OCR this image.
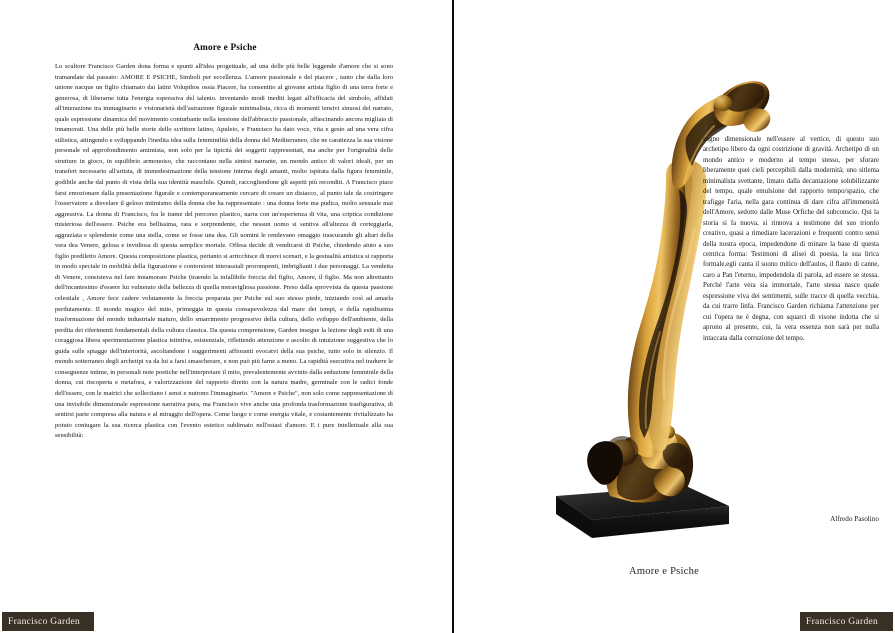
Amore e Psiche

Lo scultore Francisco Garden dona forma e spunti all'idea progettuale, ad una delle più belle leggende d'amore che si sono tramandate dal passato: AMORE E PSICHE, Simboli per eccellenza. L'amore passionale e del piacere , tanto che dalla loro unione nacque un figlio chiamato dai latini Volupthos ossia Piacere, ha consentito al giovane artista figlio di una terra forte e generosa, di liberarne tutta l'energia espressiva del talento. inventando modi inediti legati all'efficacia del simbolo, affidati all'interazione tra immaginario e visionarietà dell'astrazione figurale minimalista, ricca di momenti tensivi sinuosi del narrato, quale espressione dinamica del movimento conturbante nella tensione dell'abbraccio passionale, affascinando ancora migliaia di innamorati. Una delle più belle storie dello scrittore latino, Apuleio, e Francisco ha dato voce, vita e gesto ad una vera cifra stilistica, attingendo e sviluppando l'inedita idea sulla femminilità della donna del Mediterraneo, che ne carattezza la sua visione personale ed approfondimento amimista, non solo per la tipicità dei soggetti rappresentati, ma anche per l'originalità delle strutture in gioco, in equilibrio armonoiso, che raccontano nella sintesi narrante, un mondo antico di valori ideali, per un transfert necessario all'artista, di immedesimazione della tensione interna degli amanti, molto ispirata dalla figura femminile, godibile anche dal punto di vista della sua identità maschile. Quindi, raccogliendone gli aspetti più reconditi. A Francisco piace farsi emozionare dalla presentazione figurale e contemporaneamente cercare di creare un distacco, al punto tale da costringere l'osservatore a disvelare il geloso intimismo della donna che ha rappresentato : una donna forte ma pudica, molto sensuale mai aggressiva. La donna di Francisco, fra le trame del percorso plastico, narra con un'esperienza di vita, una criptica condizione misteriosa dell'essere. Psiche era bellissima, rara e sorprendente, che nessun uomo si sentiva all'altezza di corteggiarla, aggraziata e splendente come una stella, come se fosse una dea. Gli uomini le rendevano omaggio trascurando gli altari della vera dea Venere, gelosa e invidiosa di questa semplice mortale. Offesa decide di vendicarsi di Psiche, chiedendo aiuto a suo figlio prediletto Amore. Questa composizione plastica, pertanto si arricchisce di nuovi scenari, e la gestualità artistica si rapporta in modo speciale in mobilità della figurazione e contorsioni interassiali prorompenti, imbriglianti i due personaggi. La vendetta di Venere, consisteva nel fare innamorare Psiche (traendo la infallibile freccia del figlio, Amore, il figlio. Ma non altrettanto dell'incantesimo d'essere lui vulnerato della bellezza di quella meravigliosa passione. Preso dalla sprovvista da questa passione celestiale , Amore fece cadere volutamente la freccia preparata per Psiche sul suo stesso piede, iniziando così ad amarla perdutamente. Il mondo magico del mito, primeggia in questa consapevolezza dal mare dei tempi, e della rapidissima trasformazione del mondo industriale maturo, dello smarrimento progressivo della cultura, dello sviluppo dell'ambiente, della perdita dei riferimenti fondamentali della cultura classica. Da questa comprensione, Garden insegue la lezione degli esiti di una coraggiosa libera sperimentazione plastica istintiva, esistenziale, riflettendo attenzione e ascolto di intuizione suggestiva che lo guida sulle spiagge dell'interiorità, ascoltandone i suggerimenti affioranti evocatvi della sua psiche, tutto solo in silenzio. Il mondo sotterraneo degli archetipi va da lui a farsi smascherare, e non può più farne a meno. La rapidità esecutiva nel tradurre le conseguenze intime, in personali note poetiche nell'interpretare il mito, prevalentemente avvinto dalla seduzione femminile della donna, cui riscoperta e metafora, e valorizzazione del rapporto diretto con la natura madre, germinale con le radici fonde dell'essere, con le matrici che sollecitano i sensi e nutrono l'immaginario. "Amore e Psiche", non solo come rappresentazione di una invisibile dimensionale espressione narrativa pura, ma Francisco vive anche una profonda trasformazione trasfigurativa, di sentirsi parte compresa alla natura e al miraggio dell'opera. Come luogo e come energia vitale, e costantemente rivitalizzato ha potuto coniugare la sua ricerca plastica con l'evento estetico sublimato nell'estasi d'amore. E i pure intellettuale alla sua sensibilità:

Amore e Psiche

sogno dimensionale nell'essere al vertice, di questo suo archetipo libero da ogni costrizione di gravità. Archetipo di un mondo antico e moderno al tempo stesso, per sforare liberamente quei cieli percepibili dalla modernità; uno sitlema minimalista svettante, limato dalla decantazione solubilizzante del tempo, quale emulsione del rapporto tempo/spazio, che trafigge l'aria, nella gara continua di dare cifra all'immensità dell'Amore, sedotto dalle Muse Orfiche del subconscio. Qui la storia si fa nuova, si rinnova a testimone del suo trionfo creativo, quasi a rimediare lacerazioni e frequenti contro sensi della nostra epoca, impedendone di minare la base di questa centrica forma: Testimoni di alisei di poesia, la sua lirica formale,egli canta il suono mitico dell'aulos, il flauto di canne, caro a Pan l'eterno, impedendola di parola, ad essere se stessa. Perché l'arte vera sia immortale, l'arte stessa nasce quale espressione viva dei sentimenti, sulle tracce di quella vecchia, da cui trarre linfa. Francisco Garden richiama l'attenzione per cui l'opera ne è degna, con squarci di visone indotta che si aprono al presente, cui, la vera essenza non sarà per nulla intaccata dalla corruzione del tempo.

Alfredo Pasolino
Francisco Garden	Francisco Garden
